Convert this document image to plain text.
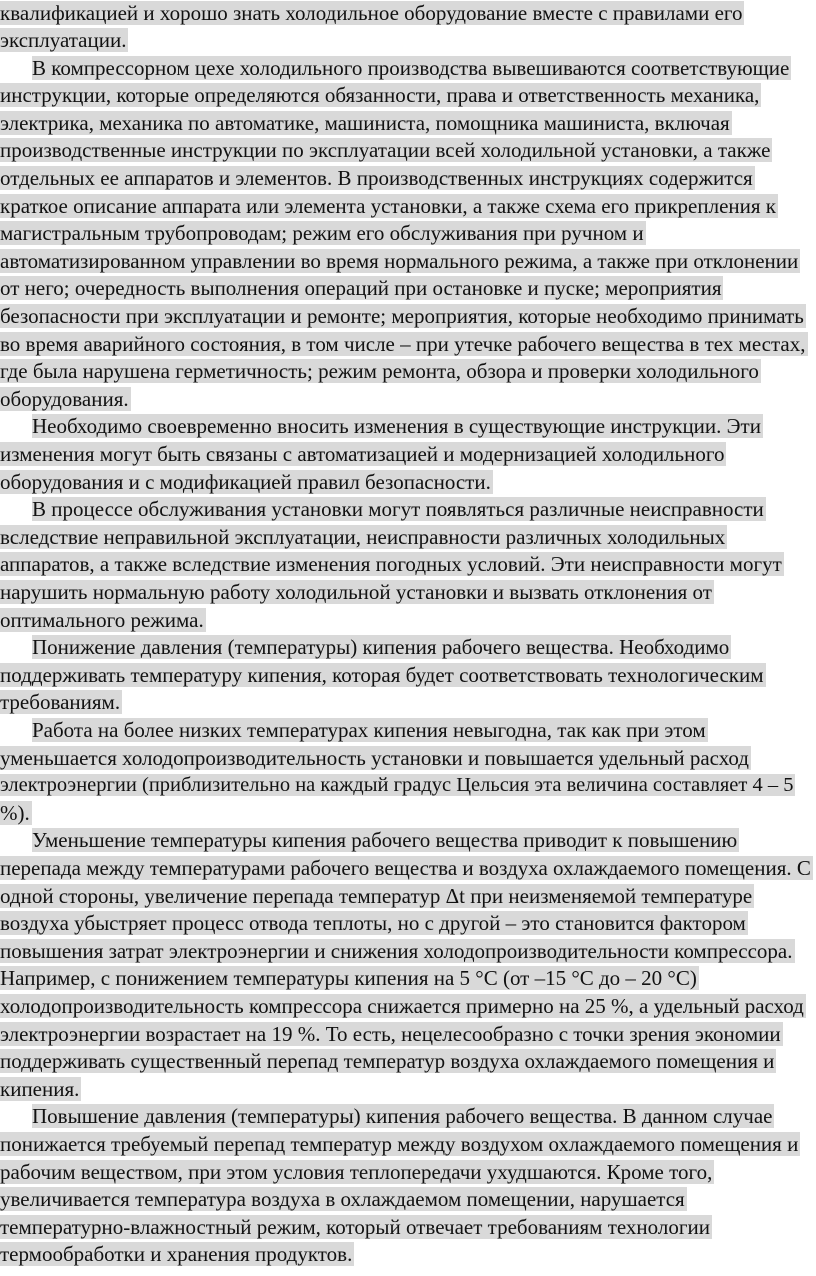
квалификацией и хорошо знать холодильное оборудование вместе с правилами его
эксплуатации.
В компрессорном цехе холодильного производства вывешиваются соответствующие
инструкции, которые определяются обязанности, права и ответственность механика,
электрика, механика по автоматике, машиниста, помощника машиниста, включая
производственные инструкции по эксплуатации всей холодильной установки, а также
отдельных ее аппаратов и элементов. В производственных инструкциях содержится
краткое описание аппарата или элемента установки, а также схема его прикрепления к
магистральным трубопроводам; режим его обслуживания при ручном и
автоматизированном управлении во время нормального режима, а также при отклонении
от него; очередность выполнения операций при остановке и пуске; мероприятия
безопасности при эксплуатации и ремонте; мероприятия, которые необходимо принимать
во время аварийного состояния, в том числе – при утечке рабочего вещества в тех местах,
где была нарушена герметичность; режим ремонта, обзора и проверки холодильного
оборудования.
Необходимо своевременно вносить изменения в существующие инструкции. Эти
изменения могут быть связаны с автоматизацией и модернизацией холодильного
оборудования и с модификацией правил безопасности.
В процессе обслуживания установки могут появляться различные неисправности
вследствие неправильной эксплуатации, неисправности различных холодильных
аппаратов, а также вследствие изменения погодных условий. Эти неисправности могут
нарушить нормальную работу холодильной установки и вызвать отклонения от
оптимального режима.
Понижение давления (температуры) кипения рабочего вещества. Необходимо
поддерживать температуру кипения, которая будет соответствовать технологическим
требованиям.
Работа на более низких температурах кипения невыгодна, так как при этом
уменьшается холодопроизводительность установки и повышается удельный расход
электроэнергии (приблизительно на каждый градус Цельсия эта величина составляет 4 – 5
%).
Уменьшение температуры кипения рабочего вещества приводит к повышению
перепада между температурами рабочего вещества и воздуха охлаждаемого помещения. С
одной стороны, увеличение перепада температур Δt при неизменяемой температуре
воздуха убыстряет процесс отвода теплоты, но с другой – это становится фактором
повышения затрат электроэнергии и снижения холодопроизводительности компрессора.
Например, с понижением температуры кипения на 5 °С (от –15 °С до – 20 °С)
холодопроизводительность компрессора снижается примерно на 25 %, а удельный расход
электроэнергии возрастает на 19 %. То есть, нецелесообразно с точки зрения экономии
поддерживать существенный перепад температур воздуха охлаждаемого помещения и
кипения.
Повышение давления (температуры) кипения рабочего вещества. В данном случае
понижается требуемый перепад температур между воздухом охлаждаемого помещения и
рабочим веществом, при этом условия теплопередачи ухудшаются. Кроме того,
увеличивается температура воздуха в охлаждаемом помещении, нарушается
температурно-влажностный режим, который отвечает требованиям технологии
термообработки и хранения продуктов.
